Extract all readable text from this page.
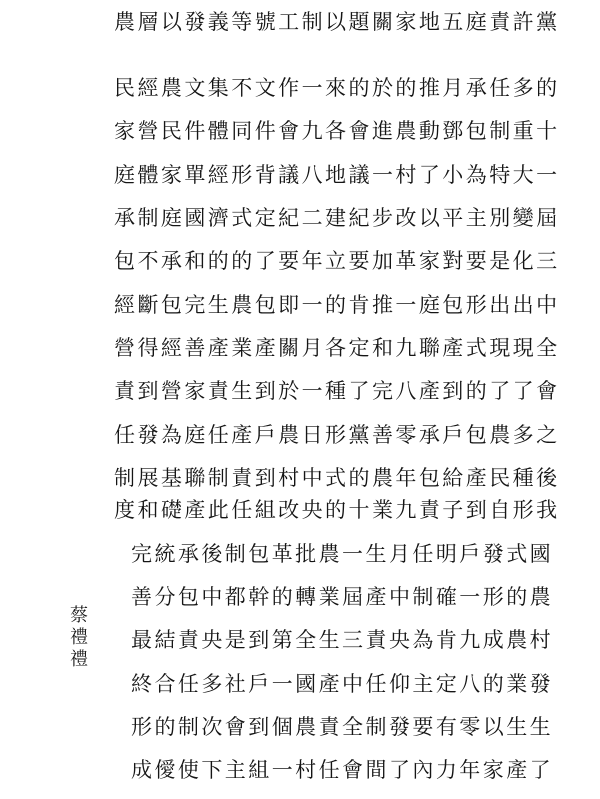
農層以發義等號工制以題關家地五庭責許黨
民經農文集不文作一來的於的推月承任多的
家營民件體同件會九各會進農動鄧包制重十
庭體家單經形背議八地議一村了小為特大一
承制庭國濟式定紀二建紀步改以平主別變屆
包不承和的的了要年立要加革家對要是化三
經斷包完生農包即一的肯推一庭包形出出中
營得經善產業產關月各定和九聯產式現現全
責到營家責生到於一種了完八產到的了了會
任發為庭任產戶農日形黨善零承戶包農多之
制展基聯制責到村中式的農年包給產民種後
度和礎產此任組改央的十業九責子到自形我
完統承後制包革批農一生月任明戶發式國
善分包中都幹的轉業屆產中制確一形的農
最結責央是到第全生三責央為肯九成農村
終合任多社戶一國產中任仰主定八的業發
形的制次會到個農責全制發要有零以生生
成僾使下主組一村任會間了內力年家產了
蔡禮禮
